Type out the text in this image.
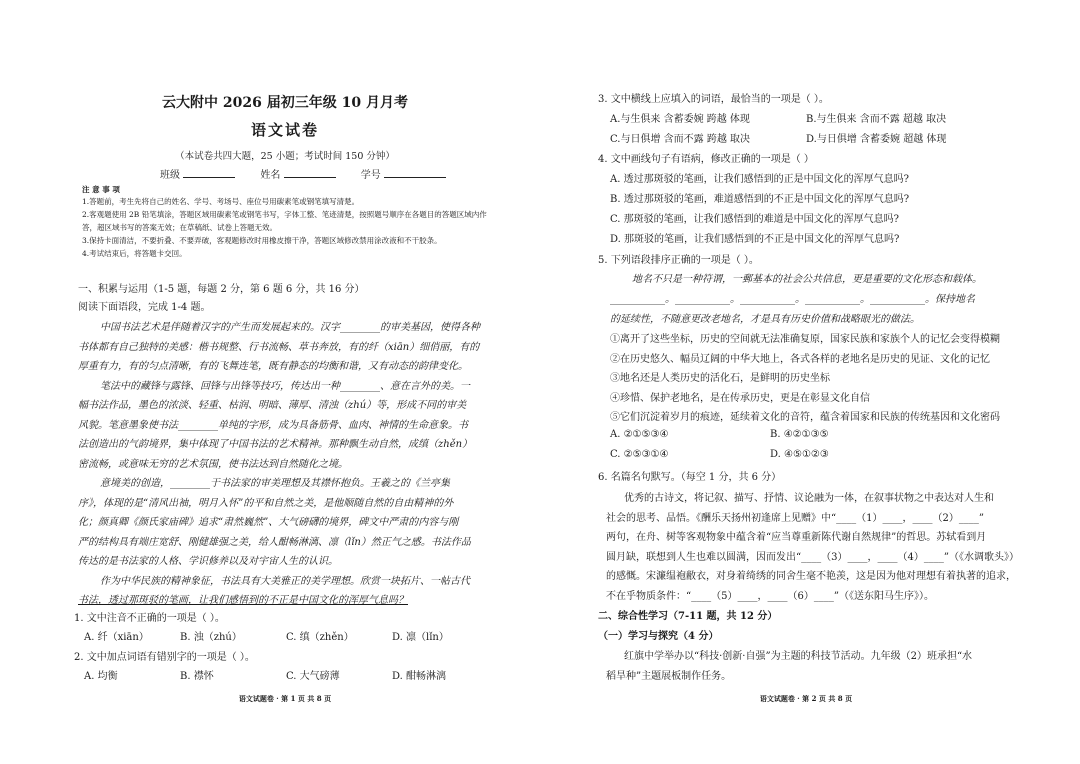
云大附中 2026 届初三年级 10 月月考
语文试卷
（本试卷共四大题，25 小题；考试时间 150 分钟）
班级	姓名	学号
注 意 事 项
1.答题前，考生先将自己的姓名、学号、考场号、座位号用碳素笔或钢笔填写清楚。
2.客观题使用 2B 铅笔填涂，答题区域用碳素笔或钢笔书写，字体工整、笔迹清楚，按照题号顺序在各题目的答题区域内作
答，超区域书写的答案无效；在草稿纸、试卷上答题无效。
3.保持卡面清洁，不要折叠、不要弄破，客观题修改时用橡皮擦干净，答题区域修改禁用涂改液和不干胶条。
4.考试结束后，将答题卡交回。
一、积累与运用（1-5 题，每题 2 分，第 6 题 6 分，共 16 分）
阅读下面语段，完成 1-4 题。
中国书法艺术是伴随着汉字的产生而发展起来的。汉字________的审美基因，使得各种
书体都有自己独特的美感：楷书规整、行书流畅、草书奔放，有的纤（xiān）细俏丽，有的
厚重有力，有的匀点清晰，有的飞舞连笔，既有静态的均衡和谐，又有动态的韵律变化。
笔法中的藏锋与露锋、回锋与出锋等技巧，传达出一种________、意在言外的美。一
幅书法作品，墨色的浓淡、轻重、枯润、明暗、薄厚、清浊（zhú）等，形成不同的审美
风貌。笔意墨象使书法________单纯的字形，成为具备筋骨、血肉、神情的生命意象。书
法创造出的气韵境界，集中体现了中国书法的艺术精神。那种飘生动自然，成缜（zhěn）
密流畅，或意味无穷的艺术氛围，使书法达到自然随化之境。
意境美的创造，________于书法家的审美理想及其襟怀抱负。王羲之的《兰亭集
序》，体现的是“清风出袖，明月入怀”的平和自然之美，是他顺随自然的自由精神的外
化；颜真卿《颜氏家庙碑》追求“肃然巍然”、大气磅礴的境界，碑文中严肃的内容与刚
严的结构具有端庄宽舒、刚健雄强之美，给人酣畅淋漓、凛（lǐn）然正气之感。书法作品
传达的是书法家的人格、学识修养以及对宇宙人生的认识。
作为中华民族的精神象征，书法具有大美雅正的美学理想。欣赏一块拓片、一帖古代
书法，透过那斑驳的笔画，让我们感悟到的不正是中国文化的浑厚气息吗？
1. 文中注音不正确的一项是（ ）。
A. 纤（xiān）	B. 浊（zhú）	C. 缜（zhěn）	D. 凛（lǐn）
2. 文中加点词语有错别字的一项是（ ）。
A. 均衡	B. 襟怀	C. 大气磅薄	D. 酣畅淋漓
语文试题卷 · 第 1 页 共 8 页
3. 文中横线上应填入的词语，最恰当的一项是（ ）。
A.与生俱来 含蓄委婉 跨越 体现	B.与生俱来 含而不露 超越 取决
C.与日俱增 含而不露 跨越 取决	D.与日俱增 含蓄委婉 超越 体现
4. 文中画线句子有语病，修改正确的一项是（ ）
A. 透过那斑驳的笔画，让我们感悟到的正是中国文化的浑厚气息吗?
B. 透过那斑驳的笔画，难道感悟到的不正是中国文化的浑厚气息吗?
C. 那斑驳的笔画，让我们感悟到的难道是中国文化的浑厚气息吗?
D. 那斑驳的笔画，让我们感悟到的不正是中国文化的浑厚气息吗?
5. 下列语段排序正确的一项是（ ）。
地名不只是一种符谓，一郵基本的社会公共信息，更是重要的文化形态和载体。
___________。___________。___________。___________。___________。保持地名
的延续性，不随意更改老地名，才是具有历史价值和战略眼光的做法。
①离开了这些坐标，历史的空间就无法准确复原，国家民族和家族个人的记忆会变得模糊
②在历史悠久、幅员辽阔的中华大地上，各式各样的老地名是历史的见证、文化的记忆
③地名还是人类历史的活化石，是鲜明的历史坐标
④珍惜、保护老地名，是在传承历史，更是在彰显文化自信
⑤它们沉淀着岁月的痕迹，延续着文化的音符，蕴含着国家和民族的传统基因和文化密码
A. ②①⑤③④	B. ④②①③⑤
C. ②⑤③①④	D. ④⑤①②③
6. 名篇名句默写。（每空 1 分，共 6 分）
优秀的古诗文，将记叙、描写、抒情、议论融为一体，在叙事状物之中表达对人生和
社会的思考、品悟。《酬乐天扬州初逢席上见赠》中“____（1）____，____（2）____”
两句，在舟、树等客观物象中蕴含着“应当尊重新陈代谢自然规律”的哲思。苏轼看到月
圆月缺，联想到人生也难以圆满，因而发出“____（3）____，____（4）____”（《水调歌头》）
的感慨。宋濂缊袍敝衣，对身着绮绣的同舍生毫不艳羡，这是因为他对理想有着执著的追求，
不在乎物质条件：“____（5）____，____（6）____”（《送东阳马生序》）。
二、综合性学习（7-11 题，共 12 分）
（一）学习与探究（4 分）
红旗中学举办以“科技·创新·自强”为主题的科技节活动。九年级（2）班承担“水
稻旱种”主题展板制作任务。
语文试题卷 · 第 2 页 共 8 页
